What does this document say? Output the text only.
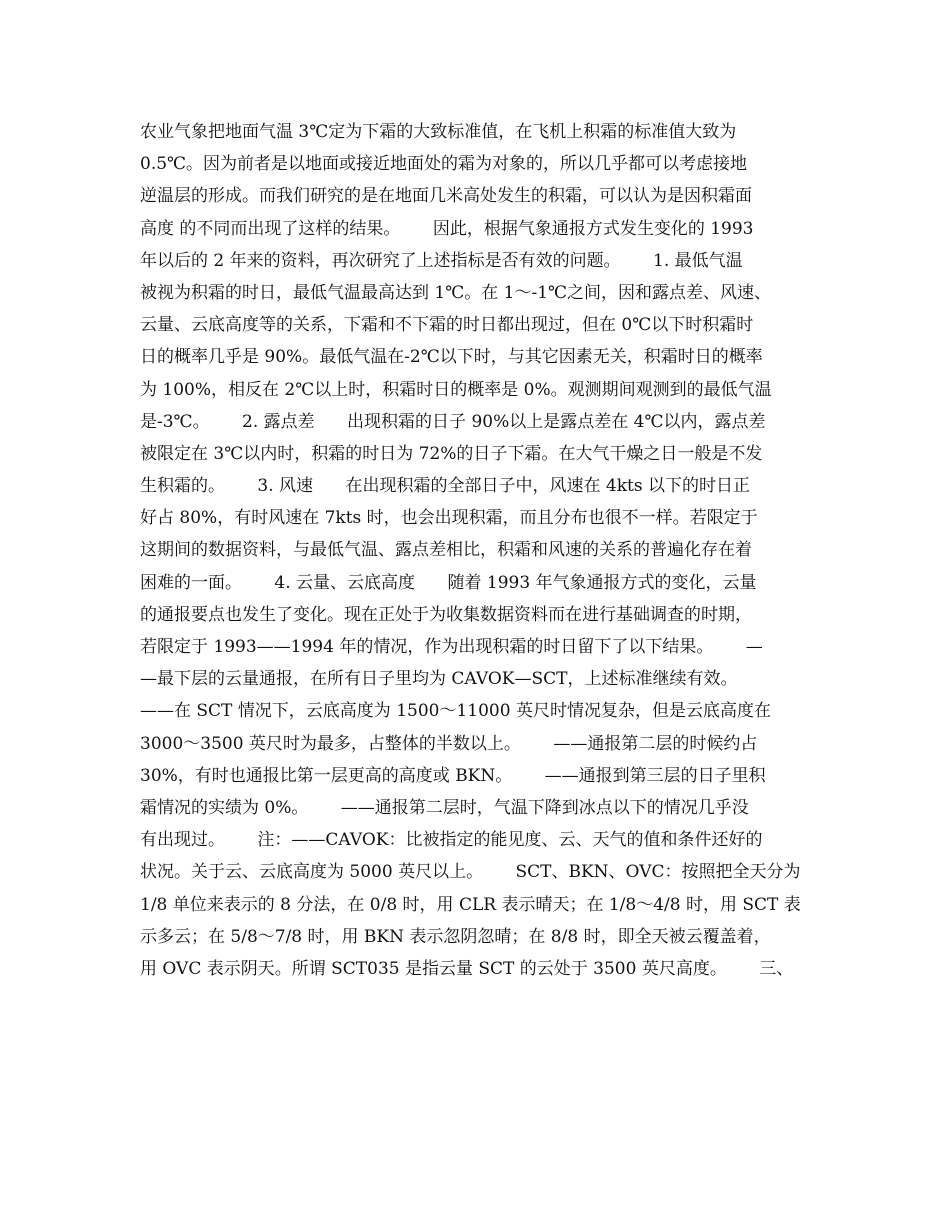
农业气象把地面气温 3℃定为下霜的大致标准值，在飞机上积霜的标准值大致为
0.5℃。因为前者是以地面或接近地面处的霜为对象的，所以几乎都可以考虑接地
逆温层的形成。而我们研究的是在地面几米高处发生的积霜，可以认为是因积霜面
高度 的不同而出现了这样的结果。      因此，根据气象通报方式发生变化的 1993
年以后的 2 年来的资料，再次研究了上述指标是否有效的问题。      1. 最低气温
被视为积霜的时日，最低气温最高达到 1℃。在 1～-1℃之间，因和露点差、风速、
云量、云底高度等的关系，下霜和不下霜的时日都出现过，但在 0℃以下时积霜时
日的概率几乎是 90%。最低气温在-2℃以下时，与其它因素无关，积霜时日的概率
为 100%，相反在 2℃以上时，积霜时日的概率是 0%。观测期间观测到的最低气温
是-3℃。      2. 露点差      出现积霜的日子 90%以上是露点差在 4℃以内，露点差
被限定在 3℃以内时，积霜的时日为 72%的日子下霜。在大气干燥之日一般是不发
生积霜的。      3. 风速      在出现积霜的全部日子中，风速在 4kts 以下的时日正
好占 80%，有时风速在 7kts 时，也会出现积霜，而且分布也很不一样。若限定于
这期间的数据资料，与最低气温、露点差相比，积霜和风速的关系的普遍化存在着
困难的一面。      4. 云量、云底高度      随着 1993 年气象通报方式的变化，云量
的通报要点也发生了变化。现在正处于为收集数据资料而在进行基础调查的时期，
若限定于 1993——1994 年的情况，作为出现积霜的时日留下了以下结果。      —
—最下层的云量通报，在所有日子里均为 CAVOK—SCT，上述标准继续有效。
——在 SCT 情况下，云底高度为 1500～11000 英尺时情况复杂，但是云底高度在
3000～3500 英尺时为最多，占整体的半数以上。      ——通报第二层的时候约占
30%，有时也通报比第一层更高的高度或 BKN。      ——通报到第三层的日子里积
霜情况的实绩为 0%。      ——通报第二层时，气温下降到冰点以下的情况几乎没
有出现过。      注：——CAVOK：比被指定的能见度、云、天气的值和条件还好的
状况。关于云、云底高度为 5000 英尺以上。      SCT、BKN、OVC：按照把全天分为
1/8 单位来表示的 8 分法，在 0/8 时，用 CLR 表示晴天；在 1/8～4/8 时，用 SCT 表
示多云；在 5/8～7/8 时，用 BKN 表示忽阴忽晴；在 8/8 时，即全天被云覆盖着，
用 OVC 表示阴天。所谓 SCT035 是指云量 SCT 的云处于 3500 英尺高度。      三、
